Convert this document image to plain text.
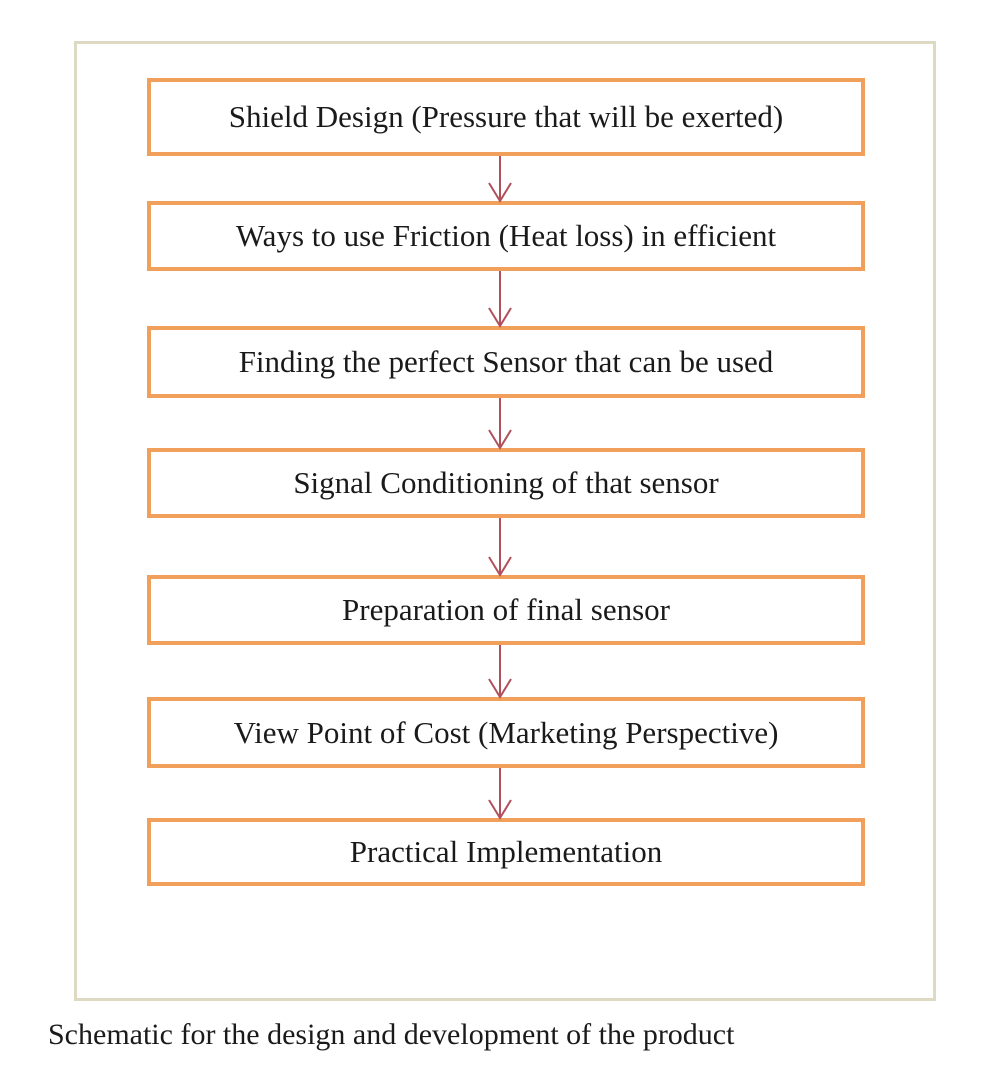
Shield Design (Pressure that will be exerted)
Ways to use Friction (Heat loss) in efficient
Finding the perfect Sensor that can be used
Signal Conditioning of that sensor
Preparation of final sensor
View Point of Cost (Marketing Perspective)
Practical Implementation
Schematic for the design and development of the product
